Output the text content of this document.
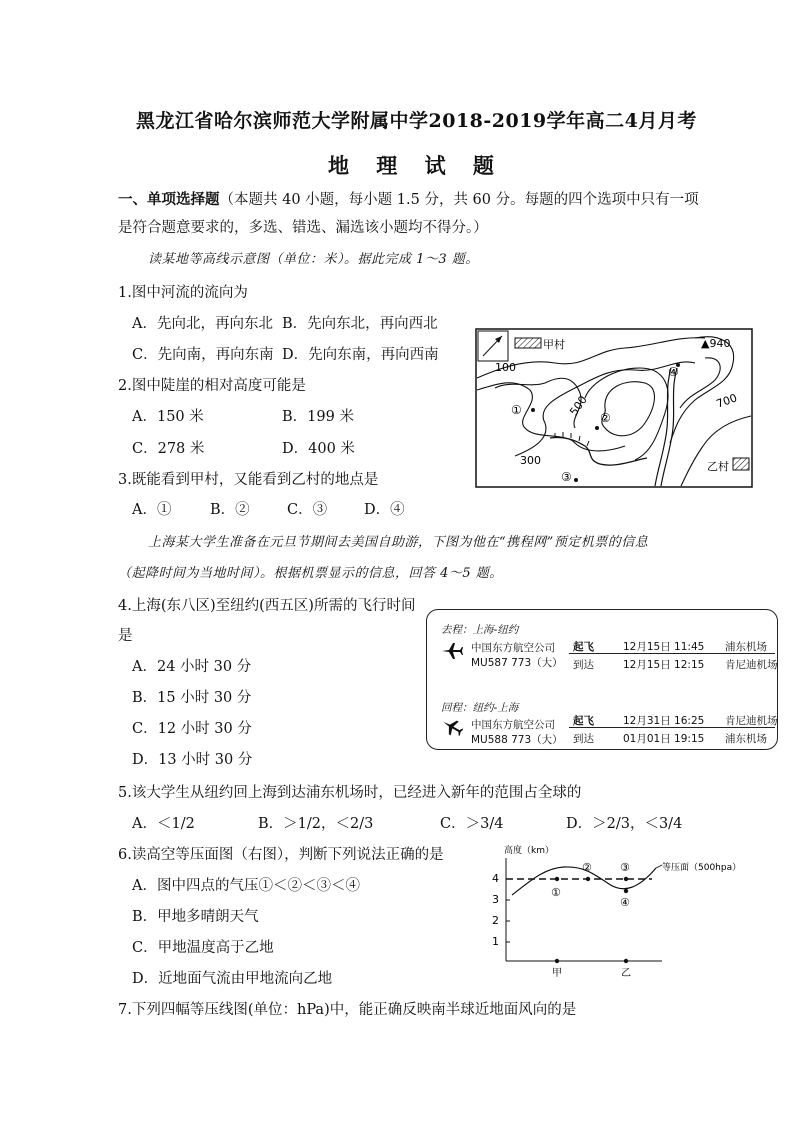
黑龙江省哈尔滨师范大学附属中学2018-2019学年高二4月月考
地 理 试 题
一、单项选择题（本题共 40 小题，每小题 1.5 分，共 60 分。每题的四个选项中只有一项
是符合题意要求的，多选、错选、漏选该小题均不得分。）
读某地等高线示意图（单位：米）。据此完成 1～3 题。
1.图中河流的流向为
A．先向北，再向东北 B．先向东北，再向西北
C．先向南，再向东南 D．先向东南，再向西南
2.图中陡崖的相对高度可能是
A．150 米	B．199 米
C．278 米	D．400 米
3.既能看到甲村，又能看到乙村的地点是
A．①	B．②	C．③	D．④
甲村	▲940
100
300
500	700
乙村
①
②
③
④
上海某大学生准备在元旦节期间去美国自助游，下图为他在“携程网”预定机票的信息
（起降时间为当地时间）。根据机票显示的信息，回答 4～5 题。
4.上海(东八区)至纽约(西五区)所需的飞行时间
是
A．24 小时 30 分
B．15 小时 30 分
C．12 小时 30 分
D．13 小时 30 分
去程：上海-纽约
中国东方航空公司
MU587 773（大）
起飞	12月15日 11:45 浦东机场
到达	12月15日 12:15 肯尼迪机场
回程：纽约-上海
中国东方航空公司
MU588 773（大）
起飞	12月31日 16:25 肯尼迪机场
到达	01月01日 19:15 浦东机场
5.该大学生从纽约回上海到达浦东机场时，已经进入新年的范围占全球的
A．＜1/2	B．＞1/2，＜2/3	C．＞3/4	D．＞2/3，＜3/4
6.读高空等压面图（右图），判断下列说法正确的是
A．图中四点的气压①＜②＜③＜④
B．甲地多晴朗天气
C．甲地温度高于乙地
D．近地面气流由甲地流向乙地
高度（km）
4
3
2
1
等压面（500hpa）
①
②	③
④
甲	乙
7.下列四幅等压线图(单位：hPa)中，能正确反映南半球近地面风向的是
